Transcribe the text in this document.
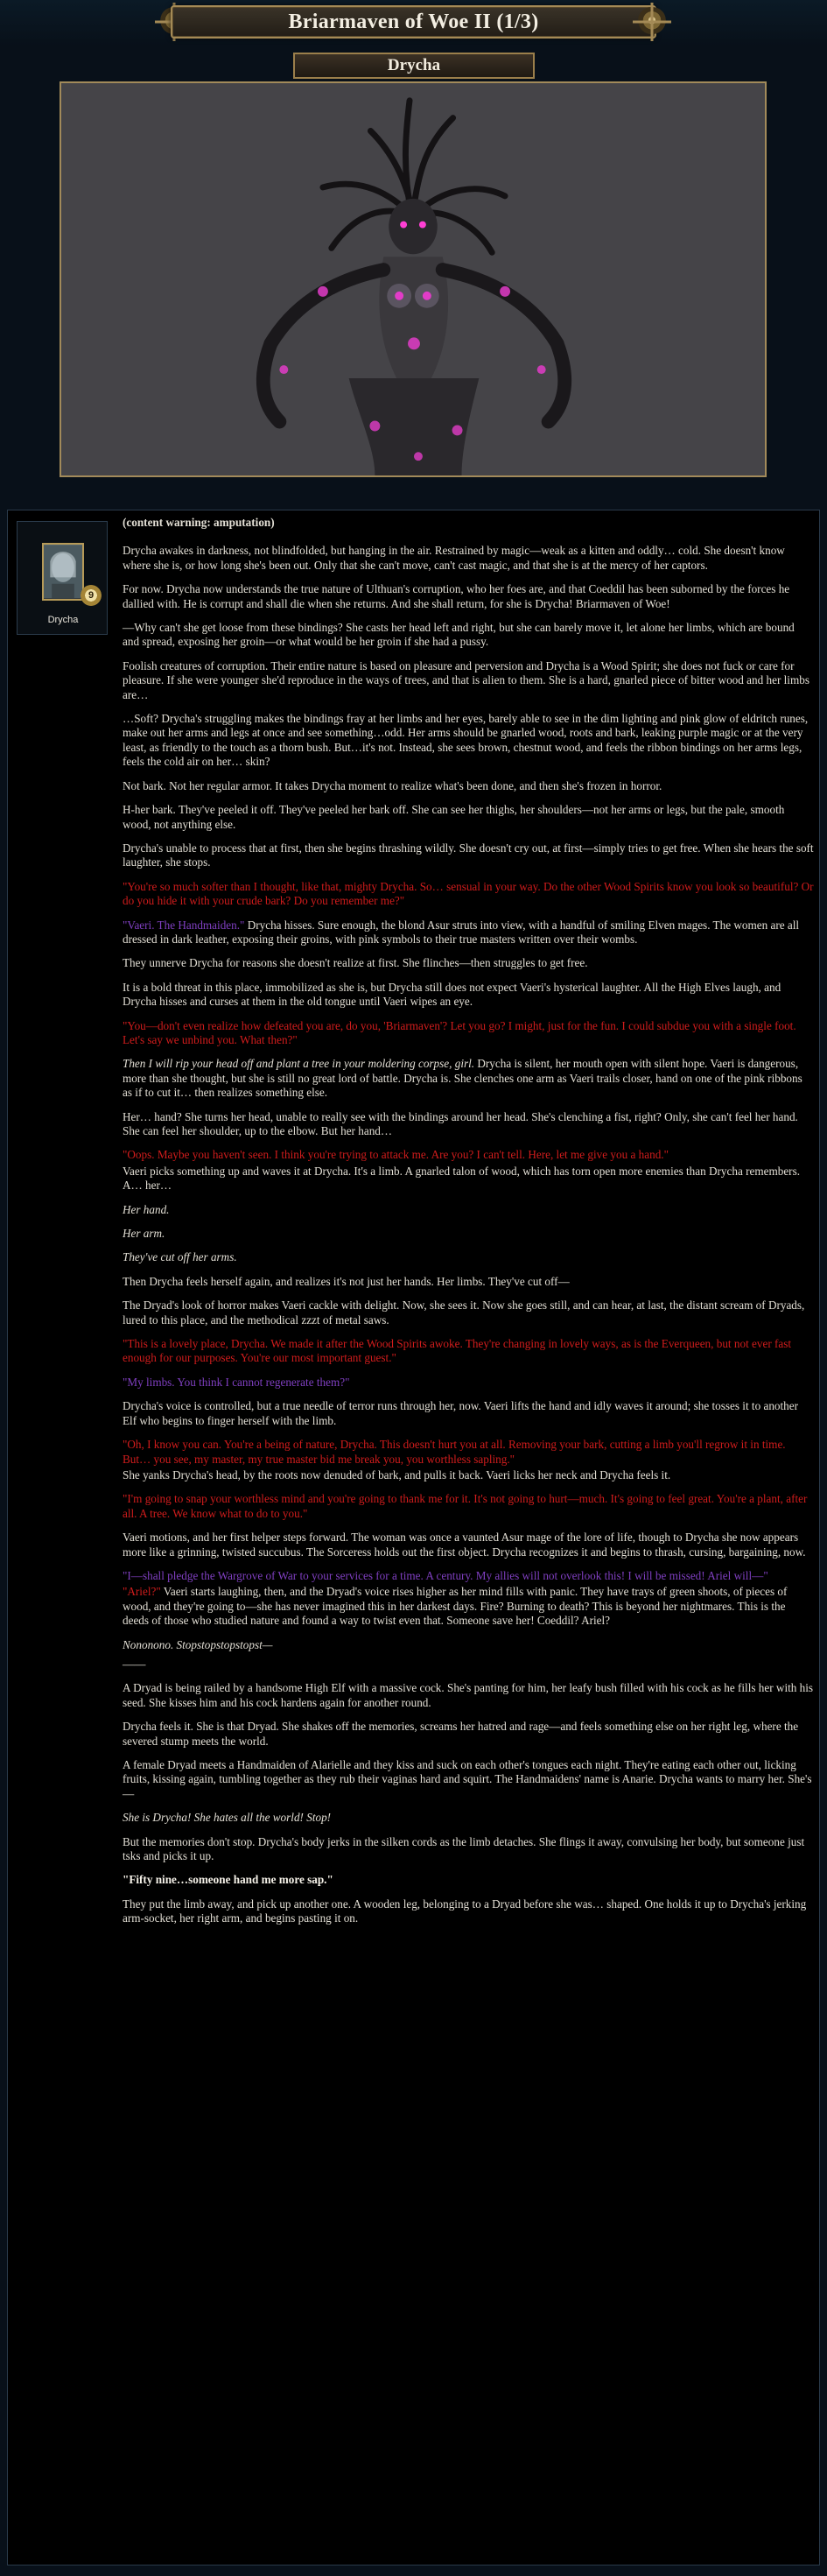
Briarmaven of Woe II (1/3)
Drycha
9
Drycha

(content warning: amputation)

Drycha awakes in darkness, not blindfolded, but hanging in the air. Restrained by magic—weak as a kitten and oddly… cold. She doesn't know where she is, or how long she's been out. Only that she can't move, can't cast magic, and that she is at the mercy of her captors.

For now. Drycha now understands the true nature of Ulthuan's corruption, who her foes are, and that Coeddil has been suborned by the forces he dallied with. He is corrupt and shall die when she returns. And she shall return, for she is Drycha! Briarmaven of Woe!

—Why can't she get loose from these bindings? She casts her head left and right, but she can barely move it, let alone her limbs, which are bound and spread, exposing her groin—or what would be her groin if she had a pussy.

Foolish creatures of corruption. Their entire nature is based on pleasure and perversion and Drycha is a Wood Spirit; she does not fuck or care for pleasure. If she were younger she'd reproduce in the ways of trees, and that is alien to them. She is a hard, gnarled piece of bitter wood and her limbs are…

…Soft? Drycha's struggling makes the bindings fray at her limbs and her eyes, barely able to see in the dim lighting and pink glow of eldritch runes, make out her arms and legs at once and see something…odd. Her arms should be gnarled wood, roots and bark, leaking purple magic or at the very least, as friendly to the touch as a thorn bush. But…it's not. Instead, she sees brown, chestnut wood, and feels the ribbon bindings on her arms legs, feels the cold air on her… skin?

Not bark. Not her regular armor. It takes Drycha moment to realize what's been done, and then she's frozen in horror.

H-her bark. They've peeled it off. They've peeled her bark off. She can see her thighs, her shoulders—not her arms or legs, but the pale, smooth wood, not anything else.

Drycha's unable to process that at first, then she begins thrashing wildly. She doesn't cry out, at first—simply tries to get free. When she hears the soft laughter, she stops.

"You're so much softer than I thought, like that, mighty Drycha. So… sensual in your way. Do the other Wood Spirits know you look so beautiful? Or do you hide it with your crude bark? Do you remember me?"

"Vaeri. The Handmaiden." Drycha hisses. Sure enough, the blond Asur struts into view, with a handful of smiling Elven mages. The women are all dressed in dark leather, exposing their groins, with pink symbols to their true masters written over their wombs.

They unnerve Drycha for reasons she doesn't realize at first. She flinches—then struggles to get free.

It is a bold threat in this place, immobilized as she is, but Drycha still does not expect Vaeri's hysterical laughter. All the High Elves laugh, and Drycha hisses and curses at them in the old tongue until Vaeri wipes an eye.

"You—don't even realize how defeated you are, do you, 'Briarmaven'? Let you go? I might, just for the fun. I could subdue you with a single foot. Let's say we unbind you. What then?"

Then I will rip your head off and plant a tree in your moldering corpse, girl. Drycha is silent, her mouth open with silent hope. Vaeri is dangerous, more than she thought, but she is still no great lord of battle. Drycha is. She clenches one arm as Vaeri trails closer, hand on one of the pink ribbons as if to cut it… then realizes something else.

Her… hand? She turns her head, unable to really see with the bindings around her head. She's clenching a fist, right? Only, she can't feel her hand. She can feel her shoulder, up to the elbow. But her hand…

"Oops. Maybe you haven't seen. I think you're trying to attack me. Are you? I can't tell. Here, let me give you a hand."

Vaeri picks something up and waves it at Drycha. It's a limb. A gnarled talon of wood, which has torn open more enemies than Drycha remembers. A… her…

Her hand.

Her arm.

They've cut off her arms.

Then Drycha feels herself again, and realizes it's not just her hands. Her limbs. They've cut off—

The Dryad's look of horror makes Vaeri cackle with delight. Now, she sees it. Now she goes still, and can hear, at last, the distant scream of Dryads, lured to this place, and the methodical zzzt of metal saws.

"This is a lovely place, Drycha. We made it after the Wood Spirits awoke. They're changing in lovely ways, as is the Everqueen, but not ever fast enough for our purposes. You're our most important guest."

"My limbs. You think I cannot regenerate them?"

Drycha's voice is controlled, but a true needle of terror runs through her, now. Vaeri lifts the hand and idly waves it around; she tosses it to another Elf who begins to finger herself with the limb.

"Oh, I know you can. You're a being of nature, Drycha. This doesn't hurt you at all. Removing your bark, cutting a limb you'll regrow it in time. But… you see, my master, my true master bid me break you, you worthless sapling."

She yanks Drycha's head, by the roots now denuded of bark, and pulls it back. Vaeri licks her neck and Drycha feels it.

"I'm going to snap your worthless mind and you're going to thank me for it. It's not going to hurt—much. It's going to feel great. You're a plant, after all. A tree. We know what to do to you."

Vaeri motions, and her first helper steps forward. The woman was once a vaunted Asur mage of the lore of life, though to Drycha she now appears more like a grinning, twisted succubus. The Sorceress holds out the first object. Drycha recognizes it and begins to thrash, cursing, bargaining, now.

"I—shall pledge the Wargrove of War to your services for a time. A century. My allies will not overlook this! I will be missed! Ariel will—"

"Ariel?" Vaeri starts laughing, then, and the Dryad's voice rises higher as her mind fills with panic. They have trays of green shoots, of pieces of wood, and they're going to—she has never imagined this in her darkest days. Fire? Burning to death? This is beyond her nightmares. This is the deeds of those who studied nature and found a way to twist even that. Someone save her! Coeddil? Ariel?

Nononono. Stopstopstopstopst—

——

A Dryad is being railed by a handsome High Elf with a massive cock. She's panting for him, her leafy bush filled with his cock as he fills her with his seed. She kisses him and his cock hardens again for another round.

Drycha feels it. She is that Dryad. She shakes off the memories, screams her hatred and rage—and feels something else on her right leg, where the severed stump meets the world.

A female Dryad meets a Handmaiden of Alarielle and they kiss and suck on each other's tongues each night. They're eating each other out, licking fruits, kissing again, tumbling together as they rub their vaginas hard and squirt. The Handmaidens' name is Anarie. Drycha wants to marry her. She's—

She is Drycha! She hates all the world! Stop!

But the memories don't stop. Drycha's body jerks in the silken cords as the limb detaches. She flings it away, convulsing her body, but someone just tsks and picks it up.

"Fifty nine…someone hand me more sap."

They put the limb away, and pick up another one. A wooden leg, belonging to a Dryad before she was… shaped. One holds it up to Drycha's jerking arm-socket, her right arm, and begins pasting it on.
